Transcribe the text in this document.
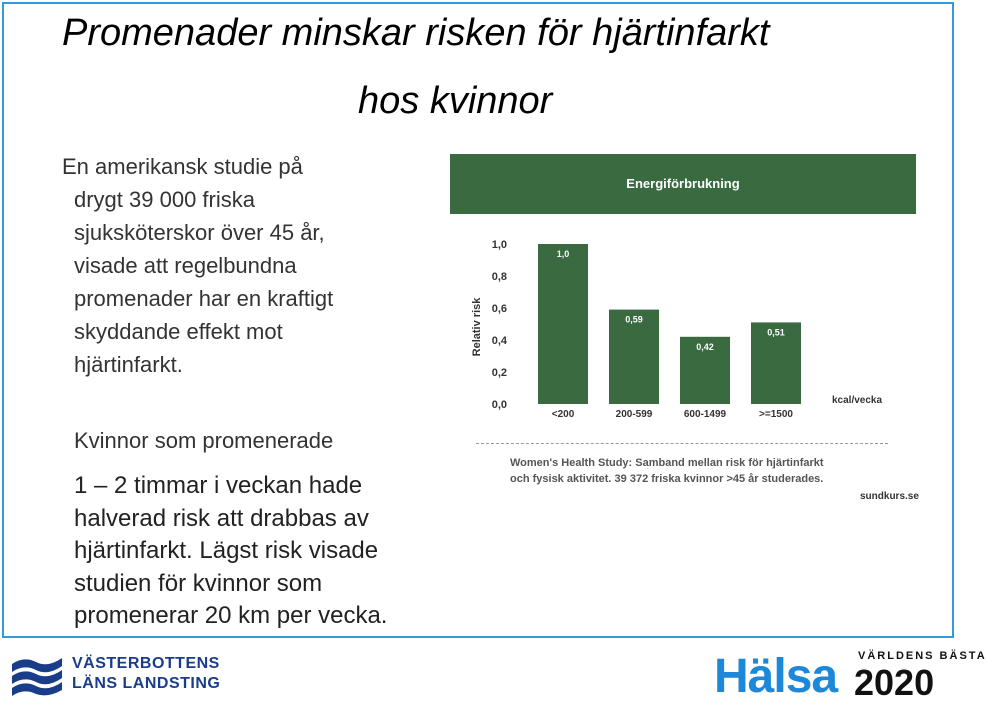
Promenader minskar risken för hjärtinfarkt
hos kvinnor
En amerikansk studie på
drygt 39 000 friska
sjuksköterskor över 45 år,
visade att regelbundna
promenader har en kraftigt
skyddande effekt mot
hjärtinfarkt.
Kvinnor som promenerade
1 – 2 timmar i veckan hade
halverad risk att drabbas av
hjärtinfarkt. Lägst risk visade
studien för kvinnor som
promenerar 20 km per vecka.
Energiförbrukning
Relativ risk
0,0
0,2
0,4
0,6
0,8
1,0
1,0
<200
0,59
200-599
0,42
600-1499
0,51
>=1500
kcal/vecka
Women's Health Study: Samband mellan risk för hjärtinfarkt
och fysisk aktivitet. 39 372 friska kvinnor >45 år studerades.
sundkurs.se
VÄSTERBOTTENS
LÄNS LANDSTING
VÄRLDENS BÄSTA
Hälsa 2020
